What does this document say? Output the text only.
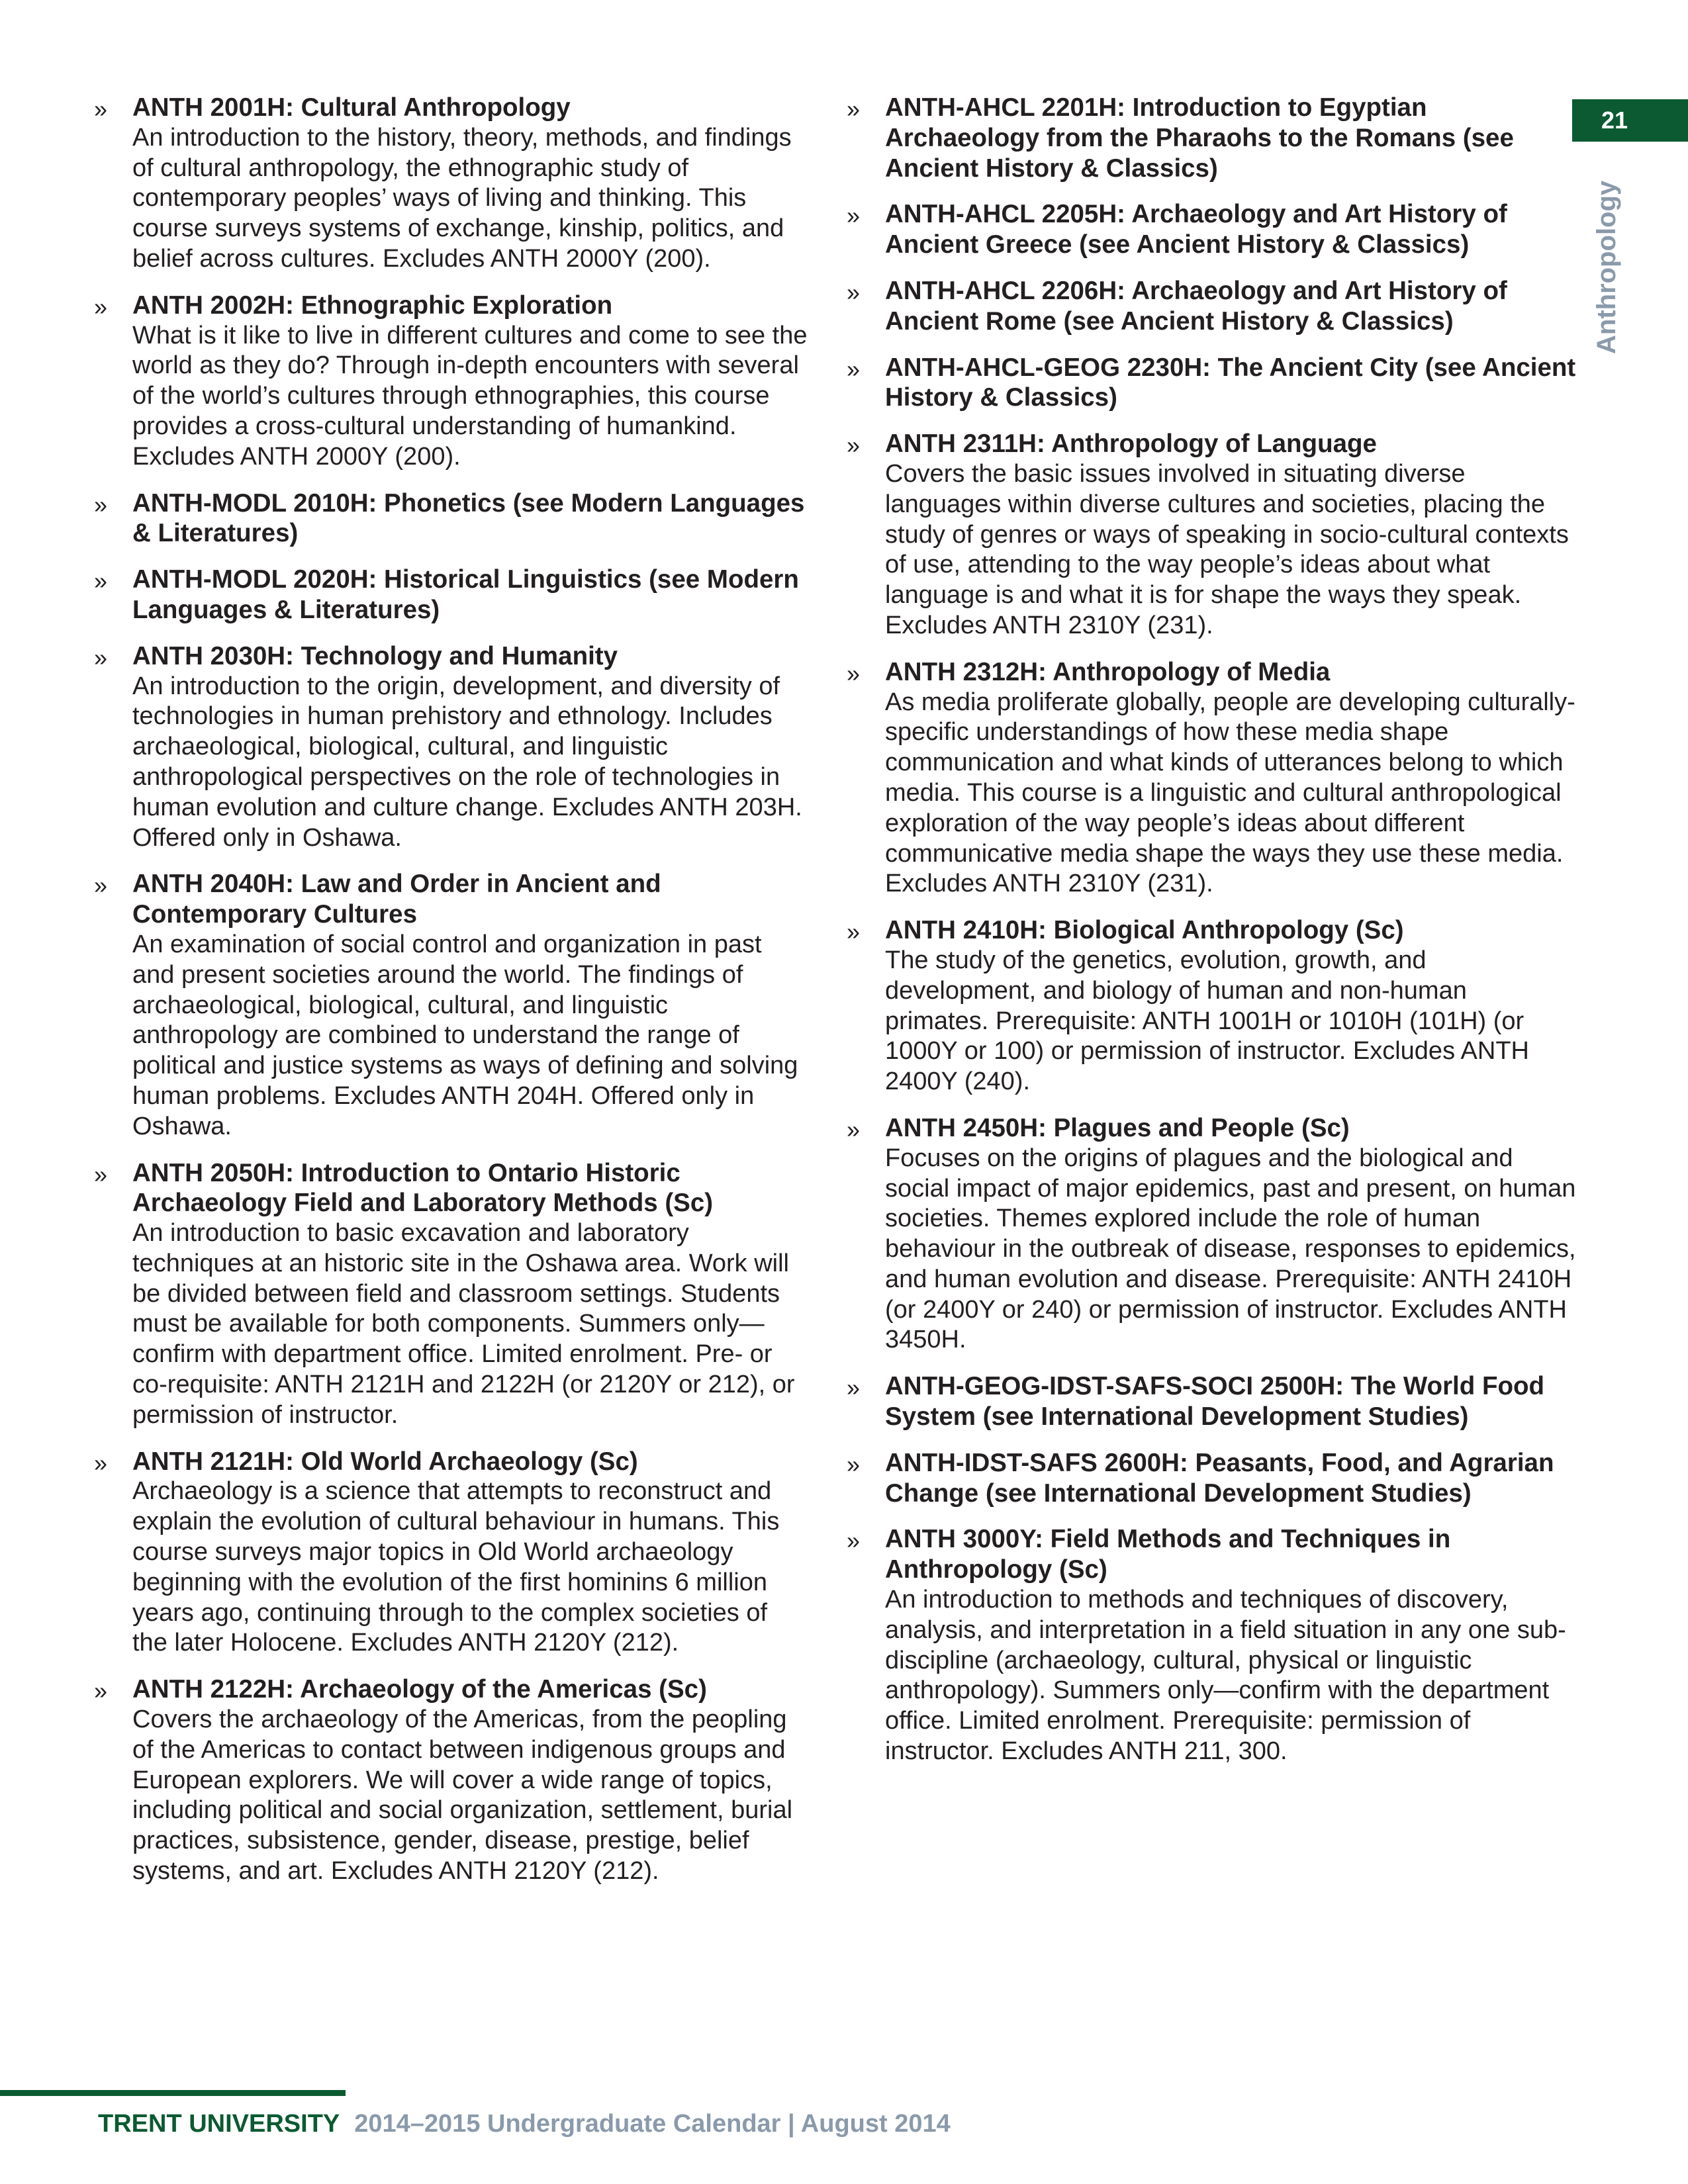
» ANTH 2001H: Cultural Anthropology
An introduction to the history, theory, methods, and findings of cultural anthropology, the ethnographic study of contemporary peoples’ ways of living and thinking. This course surveys systems of exchange, kinship, politics, and belief across cultures. Excludes ANTH 2000Y (200).
» ANTH 2002H: Ethnographic Exploration
What is it like to live in different cultures and come to see the world as they do? Through in-depth encounters with several of the world’s cultures through ethnographies, this course provides a cross-cultural understanding of humankind. Excludes ANTH 2000Y (200).
» ANTH-MODL 2010H: Phonetics (see Modern Languages & Literatures)
» ANTH-MODL 2020H: Historical Linguistics (see Modern Languages & Literatures)
» ANTH 2030H: Technology and Humanity
An introduction to the origin, development, and diversity of technologies in human prehistory and ethnology. Includes archaeological, biological, cultural, and linguistic anthropological perspectives on the role of technologies in human evolution and culture change. Excludes ANTH 203H. Offered only in Oshawa.
» ANTH 2040H: Law and Order in Ancient and Contemporary Cultures
An examination of social control and organization in past and present societies around the world. The findings of archaeological, biological, cultural, and linguistic anthropology are combined to understand the range of political and justice systems as ways of defining and solving human problems. Excludes ANTH 204H. Offered only in Oshawa.
» ANTH 2050H: Introduction to Ontario Historic Archaeology Field and Laboratory Methods (Sc)
An introduction to basic excavation and laboratory techniques at an historic site in the Oshawa area. Work will be divided between field and classroom settings. Students must be available for both components. Summers only—confirm with department office. Limited enrolment. Pre- or co-requisite: ANTH 2121H and 2122H (or 2120Y or 212), or permission of instructor.
» ANTH 2121H: Old World Archaeology (Sc)
Archaeology is a science that attempts to reconstruct and explain the evolution of cultural behaviour in humans. This course surveys major topics in Old World archaeology beginning with the evolution of the first hominins 6 million years ago, continuing through to the complex societies of the later Holocene. Excludes ANTH 2120Y (212).
» ANTH 2122H: Archaeology of the Americas (Sc)
Covers the archaeology of the Americas, from the peopling of the Americas to contact between indigenous groups and European explorers. We will cover a wide range of topics, including political and social organization, settlement, burial practices, subsistence, gender, disease, prestige, belief systems, and art. Excludes ANTH 2120Y (212).
» ANTH-AHCL 2201H: Introduction to Egyptian Archaeology from the Pharaohs to the Romans (see Ancient History & Classics)
» ANTH-AHCL 2205H: Archaeology and Art History of Ancient Greece (see Ancient History & Classics)
» ANTH-AHCL 2206H: Archaeology and Art History of Ancient Rome (see Ancient History & Classics)
» ANTH-AHCL-GEOG 2230H: The Ancient City (see Ancient History & Classics)
» ANTH 2311H: Anthropology of Language
Covers the basic issues involved in situating diverse languages within diverse cultures and societies, placing the study of genres or ways of speaking in socio-cultural contexts of use, attending to the way people’s ideas about what language is and what it is for shape the ways they speak. Excludes ANTH 2310Y (231).
» ANTH 2312H: Anthropology of Media
As media proliferate globally, people are developing culturally-specific understandings of how these media shape communication and what kinds of utterances belong to which media. This course is a linguistic and cultural anthropological exploration of the way people’s ideas about different communicative media shape the ways they use these media. Excludes ANTH 2310Y (231).
» ANTH 2410H: Biological Anthropology (Sc)
The study of the genetics, evolution, growth, and development, and biology of human and non-human primates. Prerequisite: ANTH 1001H or 1010H (101H) (or 1000Y or 100) or permission of instructor. Excludes ANTH 2400Y (240).
» ANTH 2450H: Plagues and People (Sc)
Focuses on the origins of plagues and the biological and social impact of major epidemics, past and present, on human societies. Themes explored include the role of human behaviour in the outbreak of disease, responses to epidemics, and human evolution and disease. Prerequisite: ANTH 2410H (or 2400Y or 240) or permission of instructor. Excludes ANTH 3450H.
» ANTH-GEOG-IDST-SAFS-SOCI 2500H: The World Food System (see International Development Studies)
» ANTH-IDST-SAFS 2600H: Peasants, Food, and Agrarian Change (see International Development Studies)
» ANTH 3000Y: Field Methods and Techniques in Anthropology (Sc)
An introduction to methods and techniques of discovery, analysis, and interpretation in a field situation in any one sub-discipline (archaeology, cultural, physical or linguistic anthropology). Summers only—confirm with the department office. Limited enrolment. Prerequisite: permission of instructor. Excludes ANTH 211, 300.
21
Anthropology
TRENT UNIVERSITY 2014–2015 Undergraduate Calendar | August 2014
